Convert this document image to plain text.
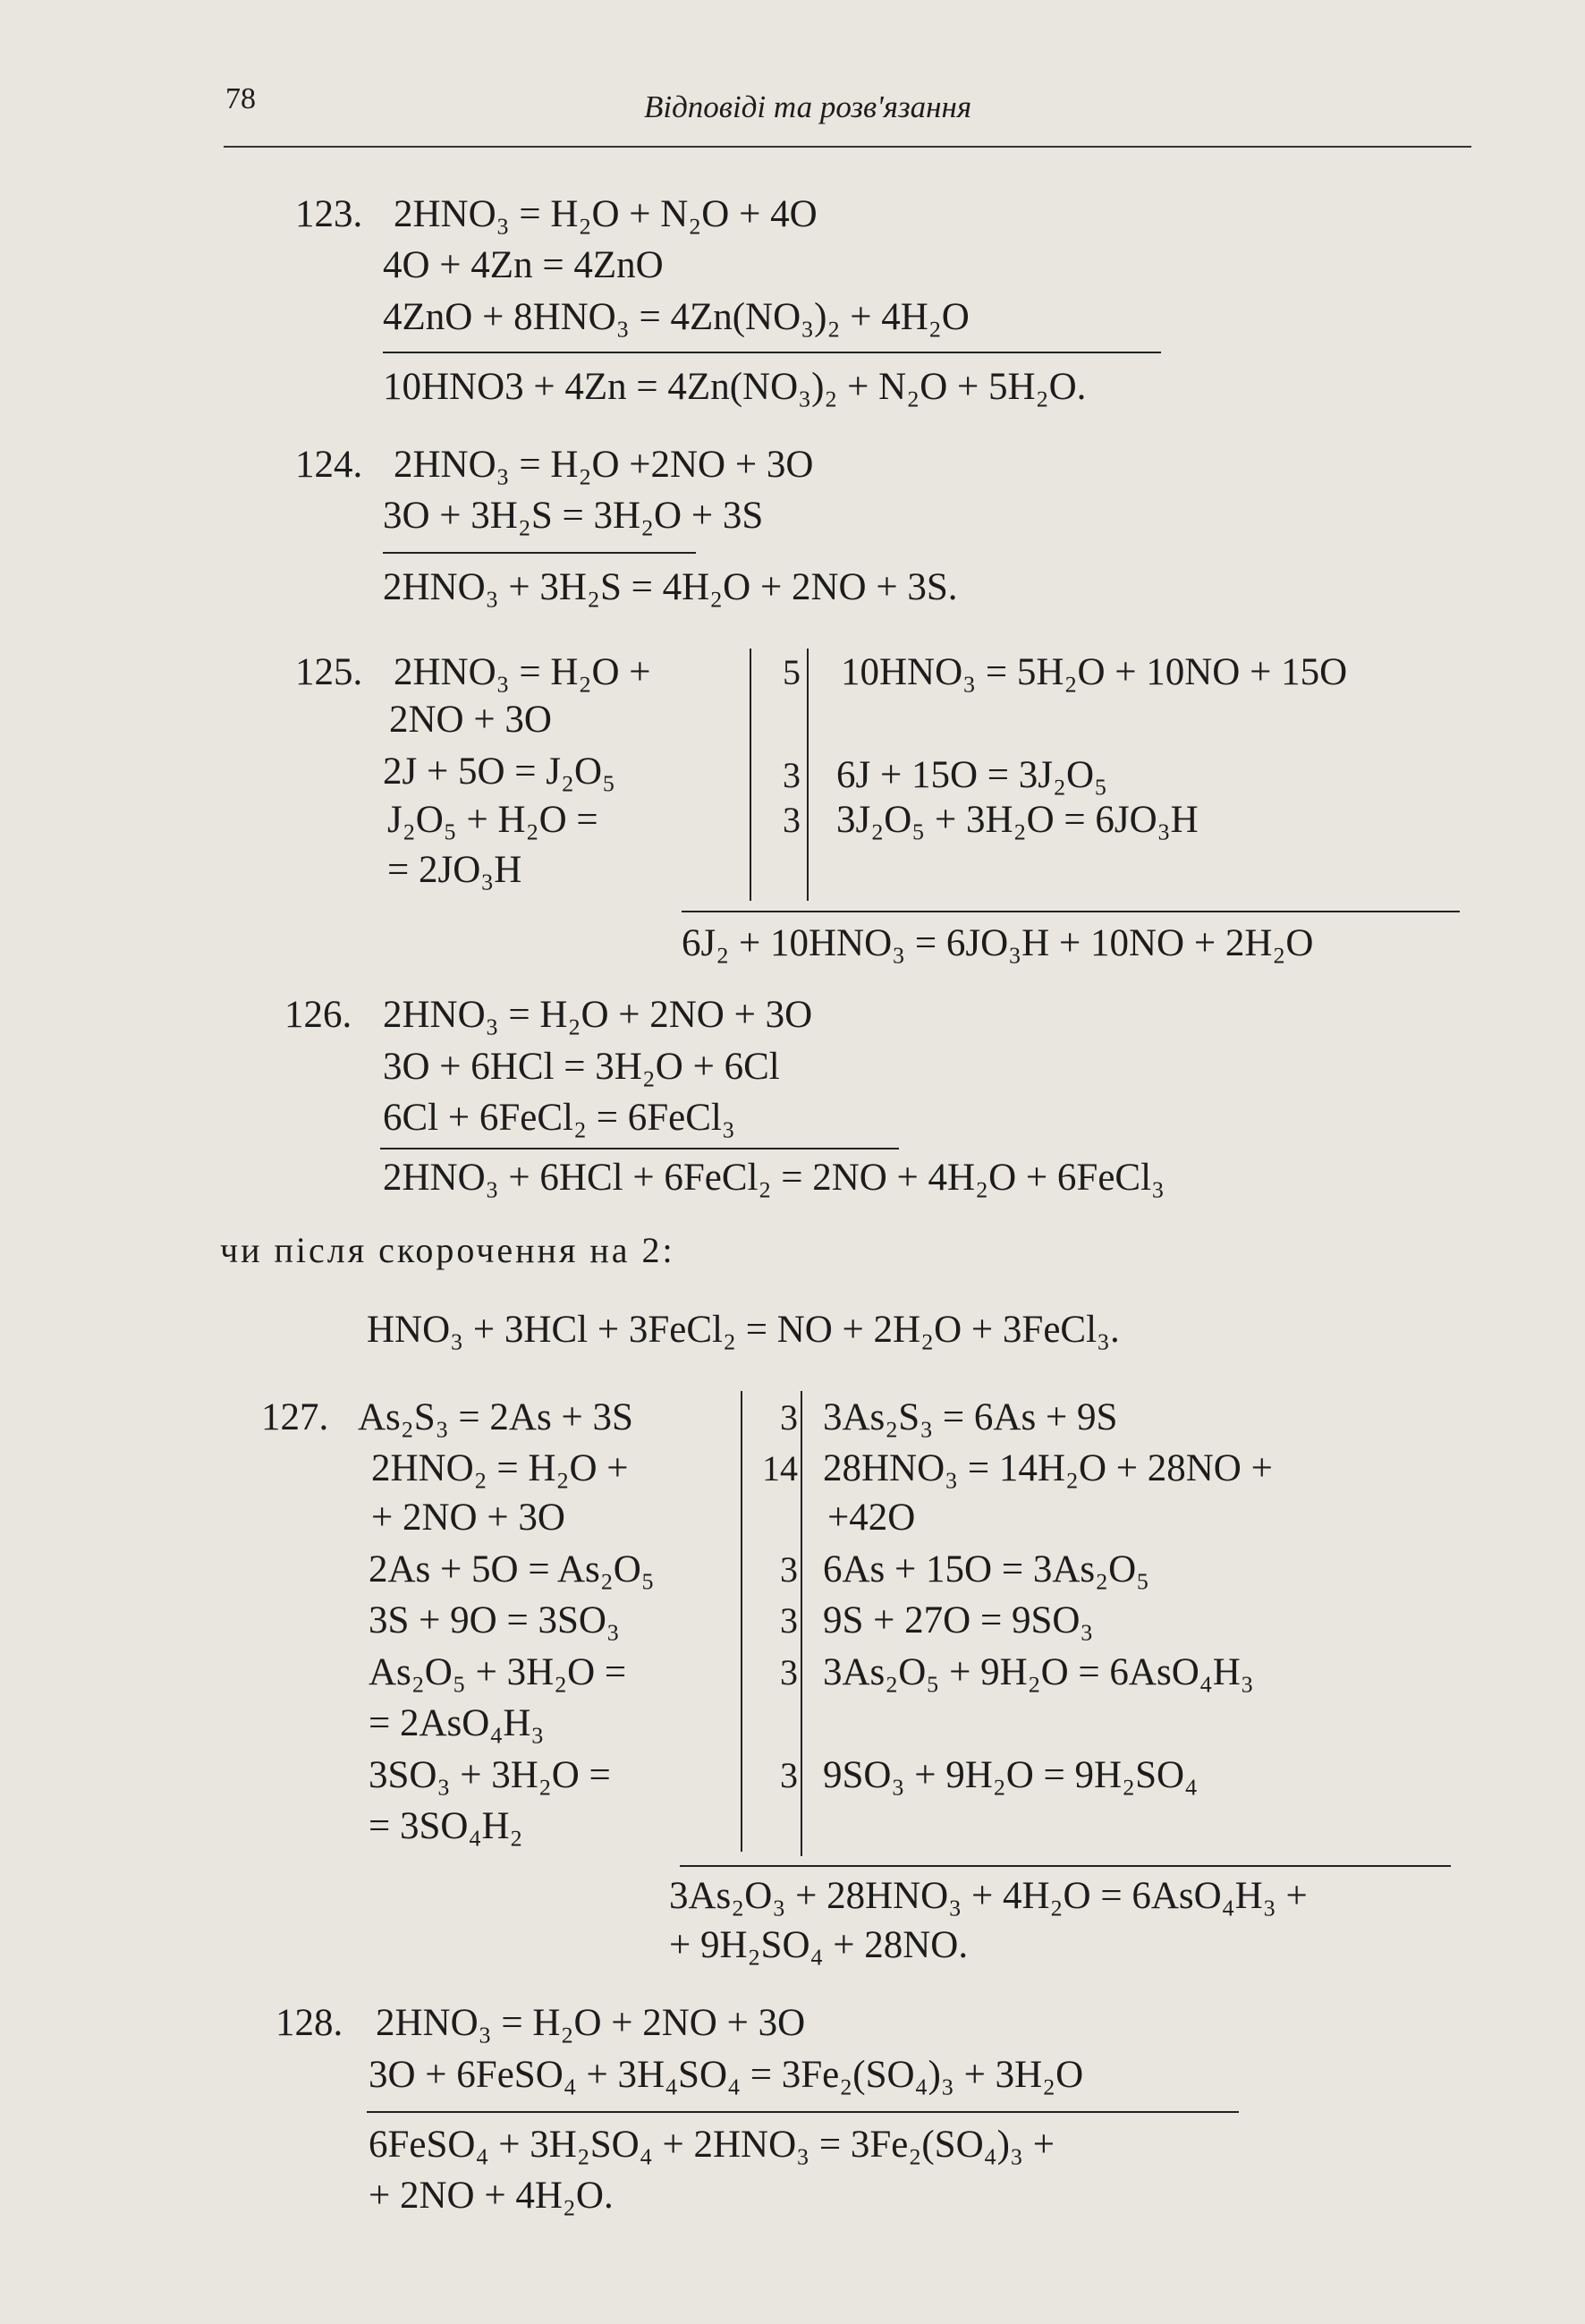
78	Відповіді та розв'язання
123. 2HNO₃ = H₂O + N₂O + 4O
4O + 4Zn = 4ZnO
4ZnO + 8HNO₃ = 4Zn(NO₃)₂ + 4H₂O
10HNO3 + 4Zn = 4Zn(NO₃)₂ + N₂O + 5H₂O.
124. 2HNO₃ = H₂O +2NO + 3O
3O + 3H₂S = 3H₂O + 3S
2HNO₃ + 3H₂S = 4H₂O + 2NO + 3S.
125. 2HNO₃ = H₂O +
2NO + 3O
2J + 5O = J₂O₅
J₂O₅ + H₂O =
= 2JO₃H
5
3
3
10HNO₃ = 5H₂O + 10NO + 15O
6J + 15O = 3J₂O₅
3J₂O₅ + 3H₂O = 6JO₃H
6J₂ + 10HNO₃ = 6JO₃H + 10NO + 2H₂O
126. 2HNO₃ = H₂O + 2NO + 3O
3O + 6HCl = 3H₂O + 6Cl
6Cl + 6FeCl₂ = 6FeCl₃
2HNO₃ + 6HCl + 6FeCl₂ = 2NO + 4H₂O + 6FeCl₃
чи після скорочення на 2:
HNO₃ + 3HCl + 3FeCl₂ = NO + 2H₂O + 3FeCl₃.
127. As₂S₃ = 2As + 3S
2HNO₂ = H₂O +
+ 2NO + 3O
2As + 5O = As₂O₅
3S + 9O = 3SO₃
As₂O₅ + 3H₂O =
= 2AsO₄H₃
3SO₃ + 3H₂O =
= 3SO₄H₂
3
14
3
3
3
3
3As₂S₃ = 6As + 9S
28HNO₃ = 14H₂O + 28NO +
+42O
6As + 15O = 3As₂O₅
9S + 27O = 9SO₃
3As₂O₅ + 9H₂O = 6AsO₄H₃
9SO₃ + 9H₂O = 9H₂SO₄
3As₂O₃ + 28HNO₃ + 4H₂O = 6AsO₄H₃ +
+ 9H₂SO₄ + 28NO.
128. 2HNO₃ = H₂O + 2NO + 3O
3O + 6FeSO₄ + 3H₄SO₄ = 3Fe₂(SO₄)₃ + 3H₂O
6FeSO₄ + 3H₂SO₄ + 2HNO₃ = 3Fe₂(SO₄)₃ +
+ 2NO + 4H₂O.
